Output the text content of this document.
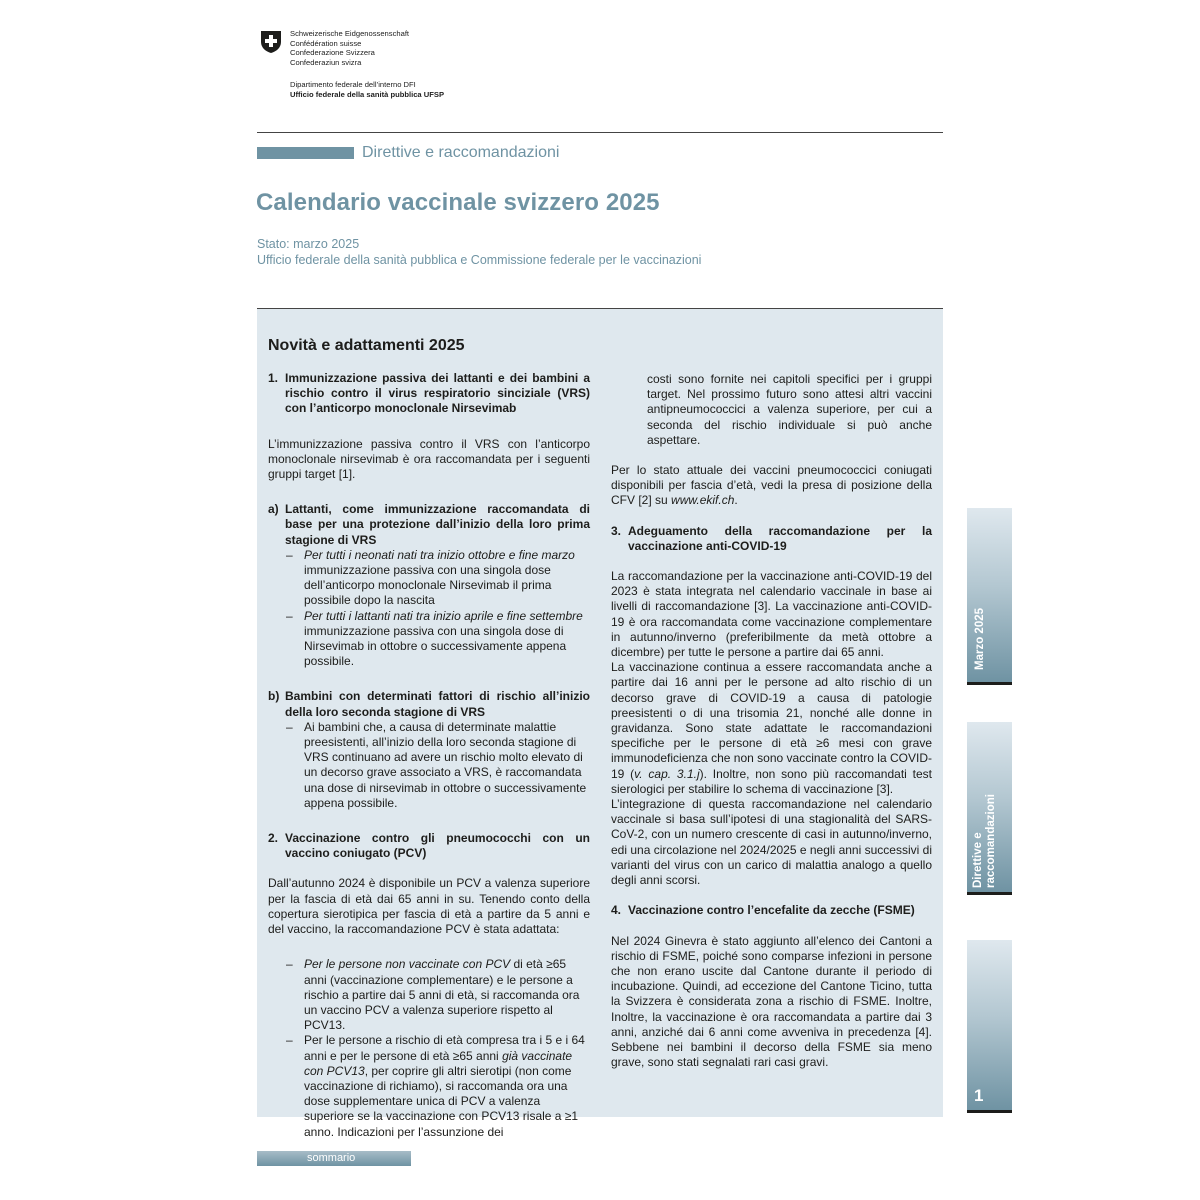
Schweizerische Eidgenossenschaft
Confédération suisse
Confederazione Svizzera
Confederaziun svizra
Dipartimento federale dell’interno DFI
Ufficio federale della sanità pubblica UFSP
Direttive e raccomandazioni
Calendario vaccinale svizzero 2025
Stato: marzo 2025
Ufficio federale della sanità pubblica e Commissione federale per le vaccinazioni
Novità e adattamenti 2025
1. Immunizzazione passiva dei lattanti e dei bambini a rischio contro il virus respiratorio sinciziale (VRS) con l’anticorpo monoclonale Nirsevimab

L’immunizzazione passiva contro il VRS con l’anticorpo monoclonale nirsevimab è ora raccomandata per i seguenti gruppi target [1].

a) Lattanti, come immunizzazione raccomandata di base per una protezione dall’inizio della loro prima stagione di VRS
– Per tutti i neonati nati tra inizio ottobre e fine marzo immunizzazione passiva con una singola dose dell’anticorpo monoclonale Nirsevimab il prima possibile dopo la nascita
– Per tutti i lattanti nati tra inizio aprile e fine settembre immunizzazione passiva con una singola dose di Nirsevimab in ottobre o successivamente appena possibile.
b) Bambini con determinati fattori di rischio all’inizio della loro seconda stagione di VRS
– Ai bambini che, a causa di determinate malattie preesistenti, all’inizio della loro seconda stagione di VRS continuano ad avere un rischio molto elevato di un decorso grave associato a VRS, è raccomandata una dose di nirsevimab in ottobre o successivamente appena possibile.
2. Vaccinazione contro gli pneumococchi con un vaccino coniugato (PCV)

Dall’autunno 2024 è disponibile un PCV a valenza superiore per la fascia di età dai 65 anni in su. Tenendo conto della copertura sierotipica per fascia di età a partire da 5 anni e del vaccino, la raccomandazione PCV è stata adattata:

– Per le persone non vaccinate con PCV di età ≥65 anni (vaccinazione complementare) e le persone a rischio a partire dai 5 anni di età, si raccomanda ora un vaccino PCV a valenza superiore rispetto al PCV13.
– Per le persone a rischio di età compresa tra i 5 e i 64 anni e per le persone di età ≥65 anni già vaccinate con PCV13, per coprire gli altri sierotipi (non come vaccinazione di richiamo), si raccomanda ora una dose supplementare unica di PCV a valenza superiore se la vaccinazione con PCV13 risale a ≥1 anno. Indicazioni per l’assunzione dei

costi sono fornite nei capitoli specifici per i gruppi target. Nel prossimo futuro sono attesi altri vaccini antipneumococcici a valenza superiore, per cui a seconda del rischio individuale si può anche aspettare.

Per lo stato attuale dei vaccini pneumococcici coniugati disponibili per fascia d’età, vedi la presa di posizione della CFV [2] su www.ekif.ch.

3. Adeguamento della raccomandazione per la vaccinazione anti-COVID-19

La raccomandazione per la vaccinazione anti-COVID-19 del 2023 è stata integrata nel calendario vaccinale in base ai livelli di raccomandazione [3]. La vaccinazione anti-COVID-19 è ora raccomandata come vaccinazione complementare in autunno/inverno (preferibilmente da metà ottobre a dicembre) per tutte le persone a partire dai 65 anni.

La vaccinazione continua a essere raccomandata anche a partire dai 16 anni per le persone ad alto rischio di un decorso grave di COVID-19 a causa di patologie preesistenti o di una trisomia 21, nonché alle donne in gravidanza. Sono state adattate le raccomandazioni specifiche per le persone di età ≥6 mesi con grave immunodeficienza che non sono vaccinate contro la COVID-19 (v. cap. 3.1.j). Inoltre, non sono più raccomandati test sierologici per stabilire lo schema di vaccinazione [3].

L’integrazione di questa raccomandazione nel calendario vaccinale si basa sull’ipotesi di una stagionalità del SARS-CoV-2, con un numero crescente di casi in autunno/inverno, edi una circolazione nel 2024/2025 e negli anni successivi di varianti del virus con un carico di malattia analogo a quello degli anni scorsi.

4. Vaccinazione contro l’encefalite da zecche (FSME)

Nel 2024 Ginevra è stato aggiunto all’elenco dei Cantoni a rischio di FSME, poiché sono comparse infezioni in persone che non erano uscite dal Cantone durante il periodo di incubazione. Quindi, ad eccezione del Cantone Ticino, tutta la Svizzera è considerata zona a rischio di FSME. Inoltre, Inoltre, la vaccinazione è ora raccomandata a partire dai 3 anni, anziché dai 6 anni come avveniva in precedenza [4]. Sebbene nei bambini il decorso della FSME sia meno grave, sono stati segnalati rari casi gravi.

Marzo 2025
Direttive e raccomandazioni
1
sommario
